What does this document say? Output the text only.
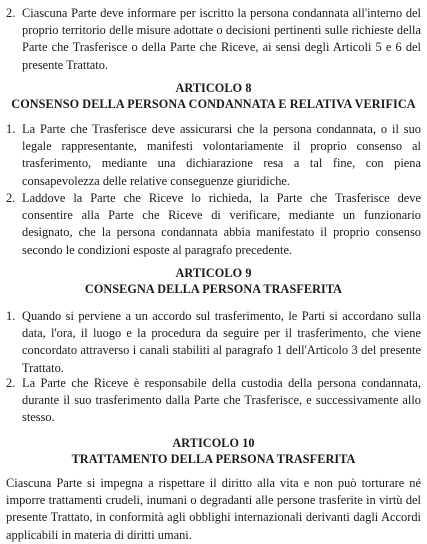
2. Ciascuna Parte deve informare per iscritto la persona condannata all'interno del proprio territorio delle misure adottate o decisioni pertinenti sulle richieste della Parte che Trasferisce o della Parte che Riceve, ai sensi degli Articoli 5 e 6 del presente Trattato.
ARTICOLO 8
CONSENSO DELLA PERSONA CONDANNATA E RELATIVA VERIFICA
1. La Parte che Trasferisce deve assicurarsi che la persona condannata, o il suo legale rappresentante, manifesti volontariamente il proprio consenso al trasferimento, mediante una dichiarazione resa a tal fine, con piena consapevolezza delle relative conseguenze giuridiche.
2. Laddove la Parte che Riceve lo richieda, la Parte che Trasferisce deve consentire alla Parte che Riceve di verificare, mediante un funzionario designato, che la persona condannata abbia manifestato il proprio consenso secondo le condizioni esposte al paragrafo precedente.
ARTICOLO 9
CONSEGNA DELLA PERSONA TRASFERITA
1. Quando si perviene a un accordo sul trasferimento, le Parti si accordano sulla data, l'ora, il luogo e la procedura da seguire per il trasferimento, che viene concordato attraverso i canali stabiliti al paragrafo 1 dell'Articolo 3 del presente Trattato.
2. La Parte che Riceve è responsabile della custodia della persona condannata, durante il suo trasferimento dalla Parte che Trasferisce, e successivamente allo stesso.
ARTICOLO 10
TRATTAMENTO DELLA PERSONA TRASFERITA
Ciascuna Parte si impegna a rispettare il diritto alla vita e non può torturare né imporre trattamenti crudeli, inumani o degradanti alle persone trasferite in virtù del presente Trattato, in conformità agli obblighi internazionali derivanti dagli Accordi applicabili in materia di diritti umani.
